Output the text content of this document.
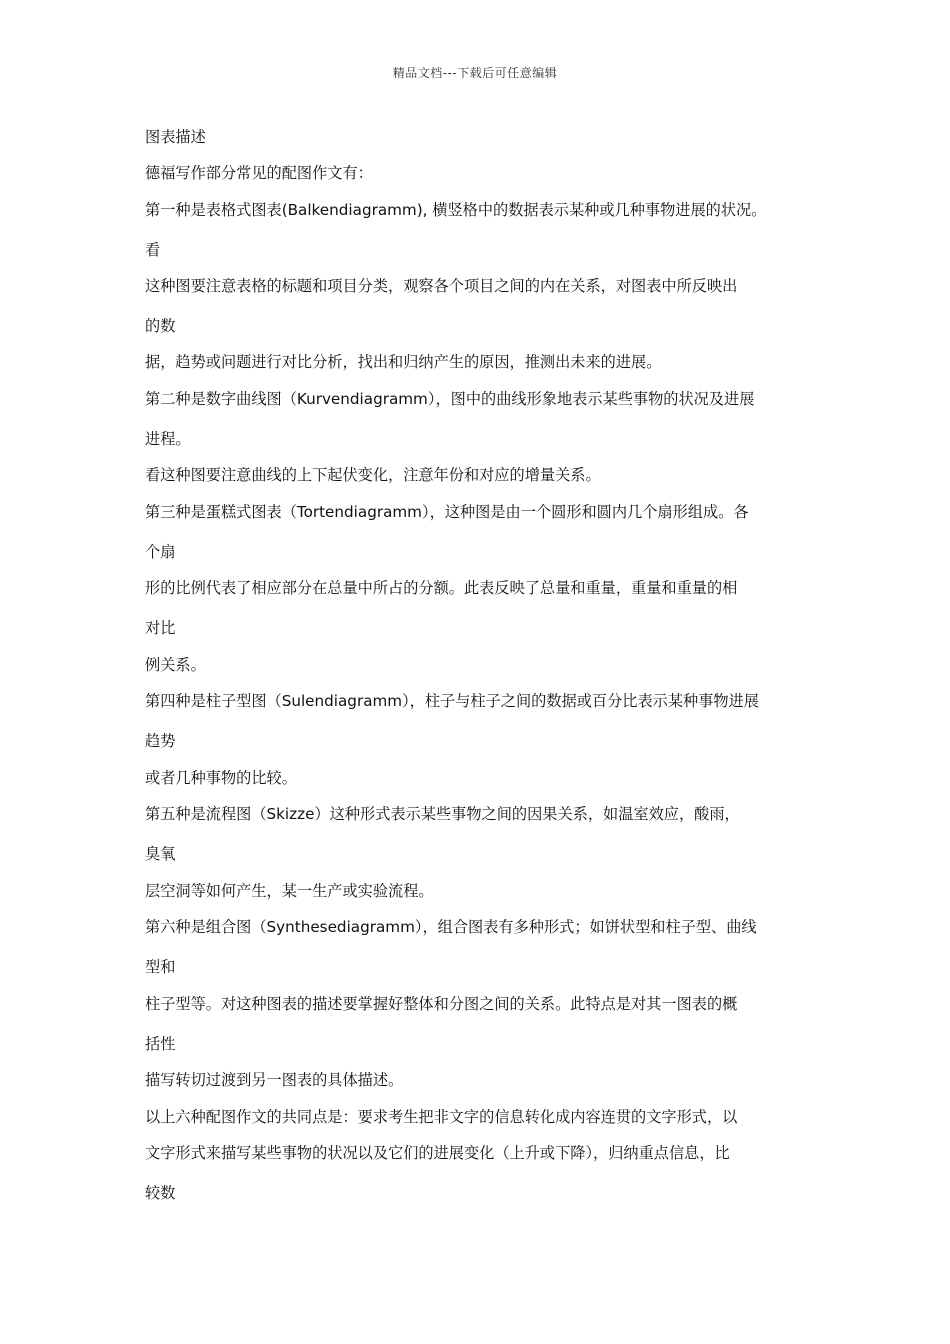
精品文档---下载后可任意编辑
图表描述
德福写作部分常见的配图作文有：
第一种是表格式图表(Balkendiagramm), 横竖格中的数据表示某种或几种事物进展的状况。
看
这种图要注意表格的标题和项目分类，观察各个项目之间的内在关系，对图表中所反映出
的数
据，趋势或问题进行对比分析，找出和归纳产生的原因，推测出未来的进展。
第二种是数字曲线图（Kurvendiagramm），图中的曲线形象地表示某些事物的状况及进展
进程。
看这种图要注意曲线的上下起伏变化，注意年份和对应的增量关系。
第三种是蛋糕式图表（Tortendiagramm），这种图是由一个圆形和圆内几个扇形组成。各
个扇
形的比例代表了相应部分在总量中所占的分额。此表反映了总量和重量，重量和重量的相
对比
例关系。
第四种是柱子型图（Sulendiagramm），柱子与柱子之间的数据或百分比表示某种事物进展
趋势
或者几种事物的比较。
第五种是流程图（Skizze）这种形式表示某些事物之间的因果关系，如温室效应，酸雨，
臭氧
层空洞等如何产生，某一生产或实验流程。
第六种是组合图（Synthesediagramm），组合图表有多种形式；如饼状型和柱子型、曲线
型和
柱子型等。对这种图表的描述要掌握好整体和分图之间的关系。此特点是对其一图表的概
括性
描写转切过渡到另一图表的具体描述。
以上六种配图作文的共同点是：要求考生把非文字的信息转化成内容连贯的文字形式，以
文字形式来描写某些事物的状况以及它们的进展变化（上升或下降），归纳重点信息，比
较数
